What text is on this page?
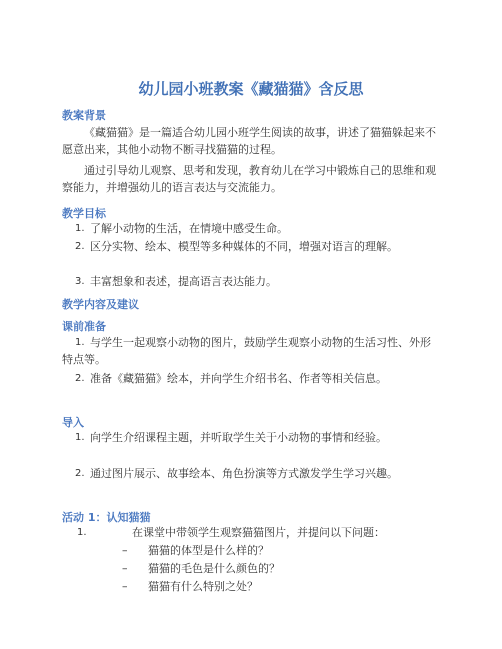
幼儿园小班教案《藏猫猫》含反思
教案背景
《藏猫猫》是一篇适合幼儿园小班学生阅读的故事，讲述了猫猫躲起来不愿意出来，其他小动物不断寻找猫猫的过程。
通过引导幼儿观察、思考和发现，教育幼儿在学习中锻炼自己的思维和观察能力，并增强幼儿的语言表达与交流能力。
教学目标
1. 了解小动物的生活，在情境中感受生命。
2. 区分实物、绘本、模型等多种媒体的不同，增强对语言的理解。
3. 丰富想象和表述，提高语言表达能力。
教学内容及建议
课前准备
1. 与学生一起观察小动物的图片，鼓励学生观察小动物的生活习性、外形特点等。
2. 准备《藏猫猫》绘本，并向学生介绍书名、作者等相关信息。
导入
1. 向学生介绍课程主题，并听取学生关于小动物的事情和经验。
2. 通过图片展示、故事绘本、角色扮演等方式激发学生学习兴趣。
活动 1：认知猫猫
1.	在课堂中带领学生观察猫猫图片，并提问以下问题：
– 猫猫的体型是什么样的？
– 猫猫的毛色是什么颜色的？
– 猫猫有什么特别之处？
